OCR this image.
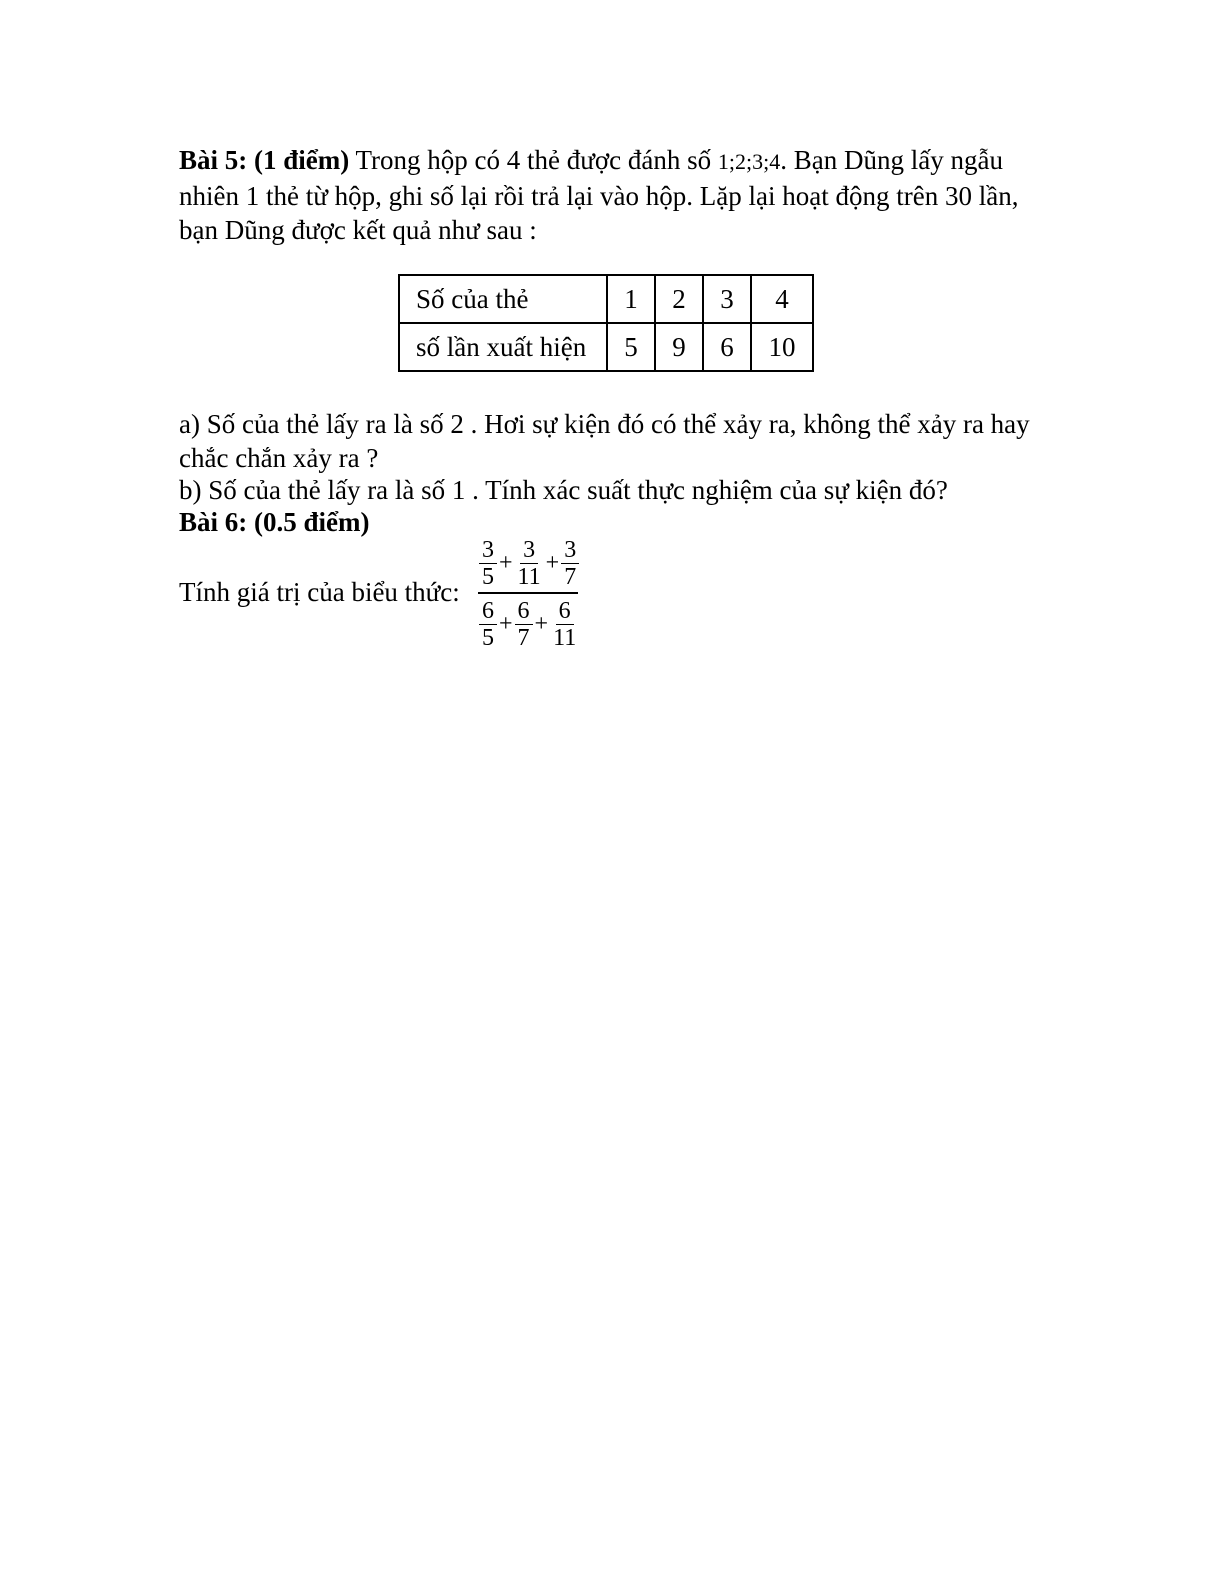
Bài 5: (1 điểm) Trong hộp có 4 thẻ được đánh số 1;2;3;4. Bạn Dũng lấy ngẫu nhiên 1 thẻ từ hộp, ghi số lại rồi trả lại vào hộp. Lặp lại hoạt động trên 30 lần, bạn Dũng được kết quả như sau :
Số của thẻ	1	2	3	4
số lần xuất hiện	5	9	6	10
a) Số của thẻ lấy ra là số 2 . Hơi sự kiện đó có thể xảy ra, không thể xảy ra hay chắc chắn xảy ra ?
b) Số của thẻ lấy ra là số 1 . Tính xác suất thực nghiệm của sự kiện đó?
Bài 6: (0.5 điểm)
Tính giá trị của biểu thức:
$\frac{3}{5} + \frac{3}{11} + \frac{3}{7}$
$\frac{6}{5} + \frac{6}{7} + \frac{6}{11}$
